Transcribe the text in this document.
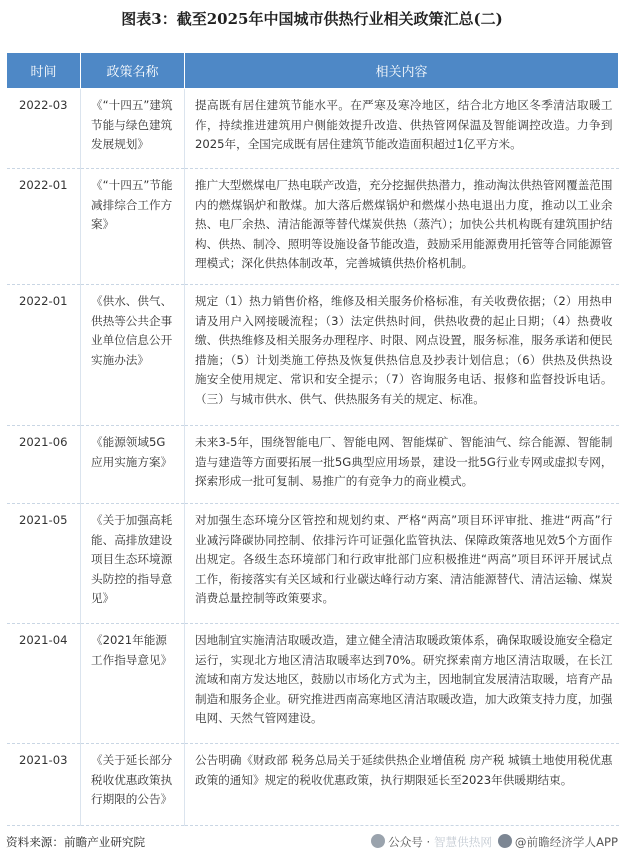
图表3：截至2025年中国城市供热行业相关政策汇总(二)
时间	政策名称	相关内容
2022-03	《“十四五”建筑节能与绿色建筑发展规划》	提高既有居住建筑节能水平。在严寒及寒冷地区，结合北方地区冬季清洁取暖工作，持续推进建筑用户侧能效提升改造、供热管网保温及智能调控改造。力争到2025年，全国完成既有居住建筑节能改造面积超过1亿平方米。
2022-01	《“十四五”节能减排综合工作方案》	推广大型燃煤电厂热电联产改造，充分挖掘供热潜力，推动淘汰供热管网覆盖范围内的燃煤锅炉和散煤。加大落后燃煤锅炉和燃煤小热电退出力度，推动以工业余热、电厂余热、清洁能源等替代煤炭供热（蒸汽）；加快公共机构既有建筑围护结构、供热、制冷、照明等设施设备节能改造，鼓励采用能源费用托管等合同能源管理模式；深化供热体制改革，完善城镇供热价格机制。
2022-01	《供水、供气、供热等公共企事业单位信息公开实施办法》	规定（1）热力销售价格，维修及相关服务价格标准，有关收费依据；（2）用热申请及用户入网接暖流程；（3）法定供热时间，供热收费的起止日期；（4）热费收缴、供热维修及相关服务办理程序、时限、网点设置，服务标准，服务承诺和便民措施；（5）计划类施工停热及恢复供热信息及抄表计划信息；（6）供热及供热设施安全使用规定、常识和安全提示；（7）咨询服务电话、报修和监督投诉电话。（三）与城市供水、供气、供热服务有关的规定、标准。
2021-06	《能源领域5G应用实施方案》	未来3-5年，围绕智能电厂、智能电网、智能煤矿、智能油气、综合能源、智能制造与建造等方面要拓展一批5G典型应用场景，建设一批5G行业专网或虚拟专网，探索形成一批可复制、易推广的有竞争力的商业模式。
2021-05	《关于加强高耗能、高排放建设项目生态环境源头防控的指导意见》	对加强生态环境分区管控和规划约束、严格“两高”项目环评审批、推进“两高”行业减污降碳协同控制、依排污许可证强化监管执法、保障政策落地见效5个方面作出规定。各级生态环境部门和行政审批部门应积极推进“两高”项目环评开展试点工作，衔接落实有关区域和行业碳达峰行动方案、清洁能源替代、清洁运输、煤炭消费总量控制等政策要求。
2021-04	《2021年能源工作指导意见》	因地制宜实施清洁取暖改造，建立健全清洁取暖政策体系，确保取暖设施安全稳定运行，实现北方地区清洁取暖率达到70%。研究探索南方地区清洁取暖，在长江流域和南方发达地区，鼓励以市场化方式为主，因地制宜发展清洁取暖，培育产品制造和服务企业。研究推进西南高寒地区清洁取暖改造，加大政策支持力度，加强电网、天然气管网建设。
2021-03	《关于延长部分税收优惠政策执行期限的公告》	公告明确《财政部 税务总局关于延续供热企业增值税 房产税 城镇土地使用税优惠政策的通知》规定的税收优惠政策，执行期限延长至2023年供暖期结束。
资料来源：前瞻产业研究院	公众号 · 智慧供热网 @前瞻经济学人APP
